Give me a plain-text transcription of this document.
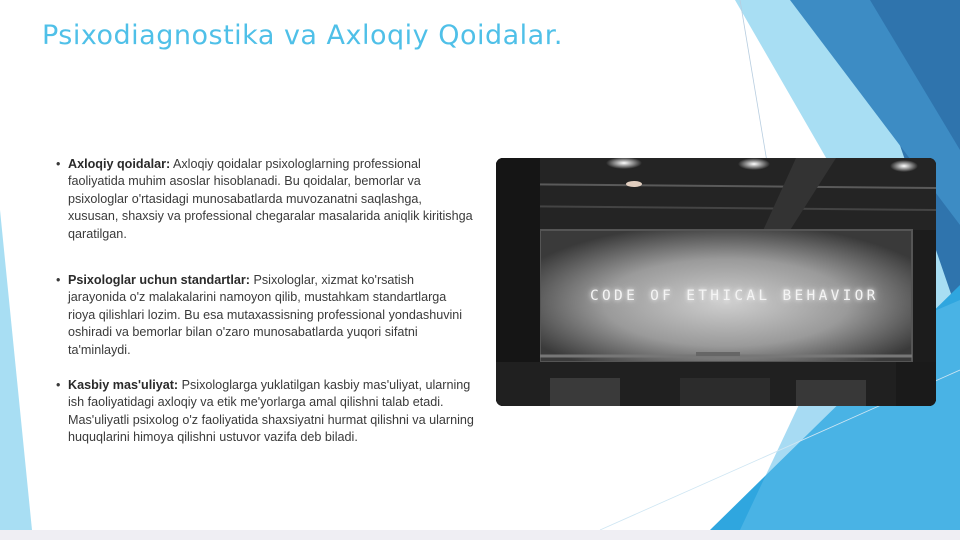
Psixodiagnostika va Axloqiy Qoidalar.
• Axloqiy qoidalar: Axloqiy qoidalar psixologlarning professional faoliyatida muhim asoslar hisoblanadi. Bu qoidalar, bemorlar va psixologlar o'rtasidagi munosabatlarda muvozanatni saqlashga, xususan, shaxsiy va professional chegaralar masalarida aniqlik kiritishga qaratilgan.
• Psixologlar uchun standartlar: Psixologlar, xizmat ko'rsatish jarayonida o'z malakalarini namoyon qilib, mustahkam standartlarga rioya qilishlari lozim. Bu esa mutaxassisning professional yondashuvini oshiradi va bemorlar bilan o'zaro munosabatlarda yuqori sifatni ta'minlaydi.
• Kasbiy mas'uliyat: Psixologlarga yuklatilgan kasbiy mas'uliyat, ularning ish faoliyatidagi axloqiy va etik me'yorlarga amal qilishni talab etadi. Mas'uliyatli psixolog o'z faoliyatida shaxsiyatni hurmat qilishni va ularning huquqlarini himoya qilishni ustuvor vazifa deb biladi.
CODE OF ETHICAL BEHAVIOR
